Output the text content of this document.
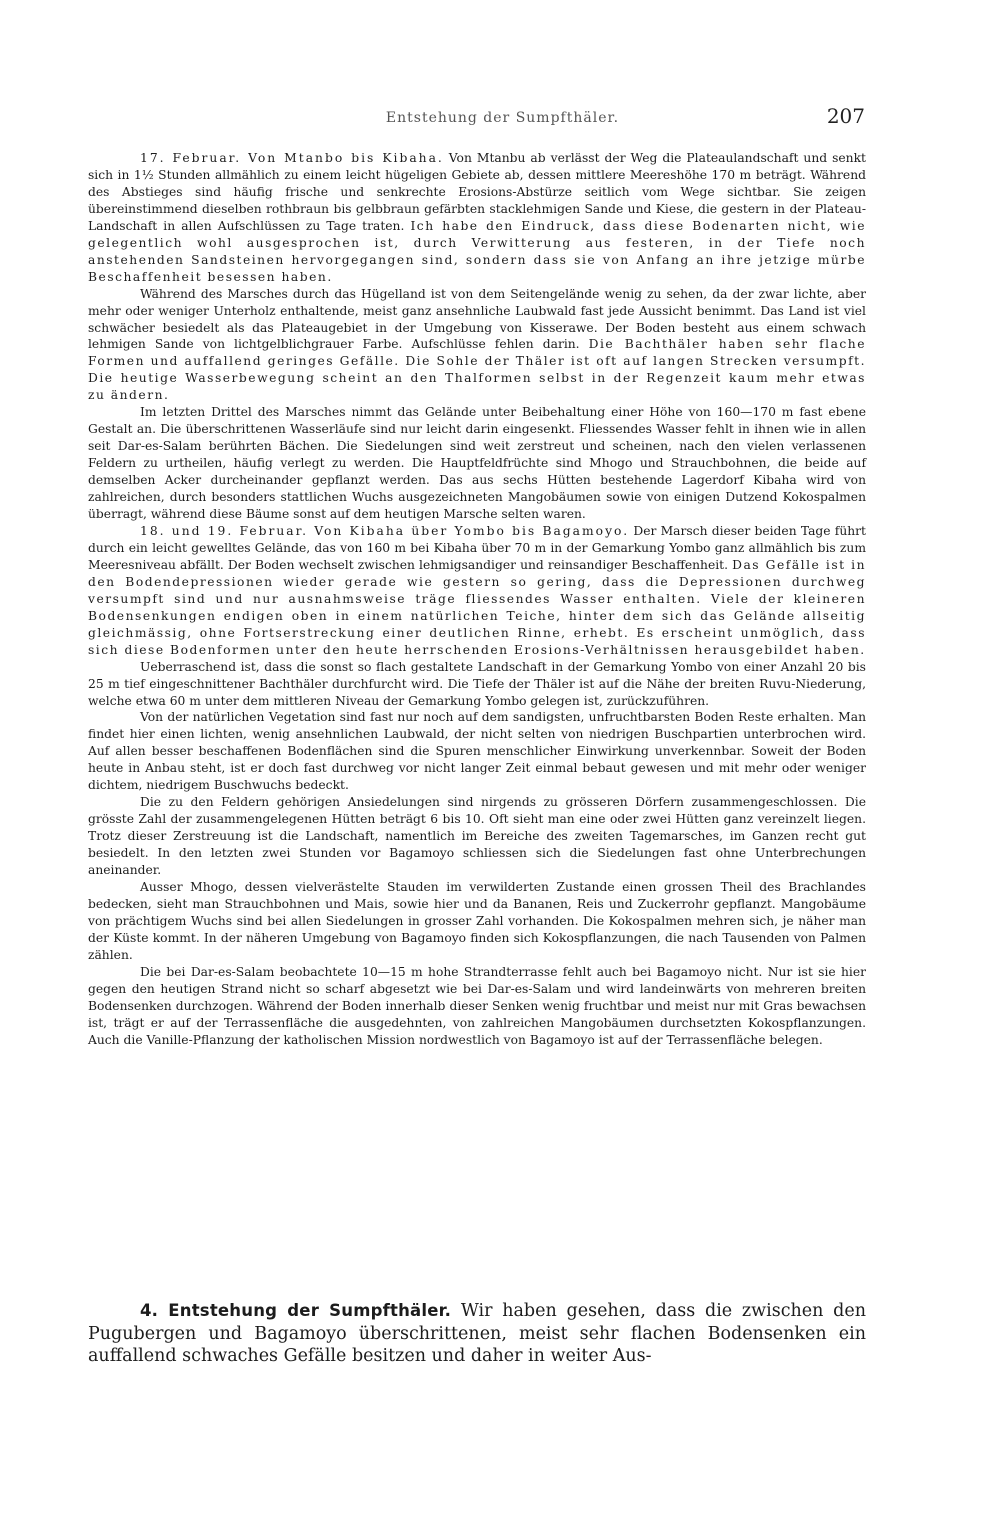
Entstehung der Sumpfthäler.	207

17. Februar. Von Mtanbo bis Kibaha. Von Mtanbu ab verlässt der Weg die Plateaulandschaft und senkt sich in 1½ Stunden allmählich zu einem leicht hügeligen Gebiete ab, dessen mittlere Meereshöhe 170 m beträgt. Während des Abstieges sind häufig frische und senkrechte Erosions-Abstürze seitlich vom Wege sichtbar. Sie zeigen übereinstimmend dieselben rothbraun bis gelbbraun gefärbten stacklehmigen Sande und Kiese, die gestern in der Plateau-Landschaft in allen Aufschlüssen zu Tage traten. Ich habe den Eindruck, dass diese Bodenarten nicht, wie gelegentlich wohl ausgesprochen ist, durch Verwitterung aus festeren, in der Tiefe noch anstehenden Sandsteinen hervorgegangen sind, sondern dass sie von Anfang an ihre jetzige mürbe Beschaffenheit besessen haben.

Während des Marsches durch das Hügelland ist von dem Seitengelände wenig zu sehen, da der zwar lichte, aber mehr oder weniger Unterholz enthaltende, meist ganz ansehnliche Laubwald fast jede Aussicht benimmt. Das Land ist viel schwächer besiedelt als das Plateaugebiet in der Umgebung von Kisserawe. Der Boden besteht aus einem schwach lehmigen Sande von lichtgelblichgrauer Farbe. Aufschlüsse fehlen darin. Die Bachthäler haben sehr flache Formen und auffallend geringes Gefälle. Die Sohle der Thäler ist oft auf langen Strecken versumpft. Die heutige Wasserbewegung scheint an den Thalformen selbst in der Regenzeit kaum mehr etwas zu ändern.

Im letzten Drittel des Marsches nimmt das Gelände unter Beibehaltung einer Höhe von 160—170 m fast ebene Gestalt an. Die überschrittenen Wasserläufe sind nur leicht darin eingesenkt. Fliessendes Wasser fehlt in ihnen wie in allen seit Dar-es-Salam berührten Bächen. Die Siedelungen sind weit zerstreut und scheinen, nach den vielen verlassenen Feldern zu urtheilen, häufig verlegt zu werden. Die Hauptfeldfrüchte sind Mhogo und Strauchbohnen, die beide auf demselben Acker durcheinander gepflanzt werden. Das aus sechs Hütten bestehende Lagerdorf Kibaha wird von zahlreichen, durch besonders stattlichen Wuchs ausgezeichneten Mangobäumen sowie von einigen Dutzend Kokospalmen überragt, während diese Bäume sonst auf dem heutigen Marsche selten waren.

18. und 19. Februar. Von Kibaha über Yombo bis Bagamoyo. Der Marsch dieser beiden Tage führt durch ein leicht gewelltes Gelände, das von 160 m bei Kibaha über 70 m in der Gemarkung Yombo ganz allmählich bis zum Meeresniveau abfällt. Der Boden wechselt zwischen lehmigsandiger und reinsandiger Beschaffenheit. Das Gefälle ist in den Bodendepressionen wieder gerade wie gestern so gering, dass die Depressionen durchweg versumpft sind und nur ausnahmsweise träge fliessendes Wasser enthalten. Viele der kleineren Bodensenkungen endigen oben in einem natürlichen Teiche, hinter dem sich das Gelände allseitig gleichmässig, ohne Fortserstreckung einer deutlichen Rinne, erhebt. Es erscheint unmöglich, dass sich diese Bodenformen unter den heute herrschenden Erosions-Verhältnissen herausgebildet haben.

Ueberraschend ist, dass die sonst so flach gestaltete Landschaft in der Gemarkung Yombo von einer Anzahl 20 bis 25 m tief eingeschnittener Bachthäler durchfurcht wird. Die Tiefe der Thäler ist auf die Nähe der breiten Ruvu-Niederung, welche etwa 60 m unter dem mittleren Niveau der Gemarkung Yombo gelegen ist, zurückzuführen.

Von der natürlichen Vegetation sind fast nur noch auf dem sandigsten, unfruchtbarsten Boden Reste erhalten. Man findet hier einen lichten, wenig ansehnlichen Laubwald, der nicht selten von niedrigen Buschpartien unterbrochen wird. Auf allen besser beschaffenen Bodenflächen sind die Spuren menschlicher Einwirkung unverkennbar. Soweit der Boden heute in Anbau steht, ist er doch fast durchweg vor nicht langer Zeit einmal bebaut gewesen und mit mehr oder weniger dichtem, niedrigem Buschwuchs bedeckt.

Die zu den Feldern gehörigen Ansiedelungen sind nirgends zu grösseren Dörfern zusammengeschlossen. Die grösste Zahl der zusammengelegenen Hütten beträgt 6 bis 10. Oft sieht man eine oder zwei Hütten ganz vereinzelt liegen. Trotz dieser Zerstreuung ist die Landschaft, namentlich im Bereiche des zweiten Tagemarsches, im Ganzen recht gut besiedelt. In den letzten zwei Stunden vor Bagamoyo schliessen sich die Siedelungen fast ohne Unterbrechungen aneinander.

Ausser Mhogo, dessen vielverästelte Stauden im verwilderten Zustande einen grossen Theil des Brachlandes bedecken, sieht man Strauchbohnen und Mais, sowie hier und da Bananen, Reis und Zuckerrohr gepflanzt. Mangobäume von prächtigem Wuchs sind bei allen Siedelungen in grosser Zahl vorhanden. Die Kokospalmen mehren sich, je näher man der Küste kommt. In der näheren Umgebung von Bagamoyo finden sich Kokospflanzungen, die nach Tausenden von Palmen zählen.

Die bei Dar-es-Salam beobachtete 10—15 m hohe Strandterrasse fehlt auch bei Bagamoyo nicht. Nur ist sie hier gegen den heutigen Strand nicht so scharf abgesetzt wie bei Dar-es-Salam und wird landeinwärts von mehreren breiten Bodensenken durchzogen. Während der Boden innerhalb dieser Senken wenig fruchtbar und meist nur mit Gras bewachsen ist, trägt er auf der Terrassenfläche die ausgedehnten, von zahlreichen Mangobäumen durchsetzten Kokospflanzungen. Auch die Vanille-Pflanzung der katholischen Mission nordwestlich von Bagamoyo ist auf der Terrassenfläche belegen.

4. Entstehung der Sumpfthäler. Wir haben gesehen, dass die zwischen den Pugubergen und Bagamoyo überschrittenen, meist sehr flachen Bodensenken ein auffallend schwaches Gefälle besitzen und daher in weiter Aus-
